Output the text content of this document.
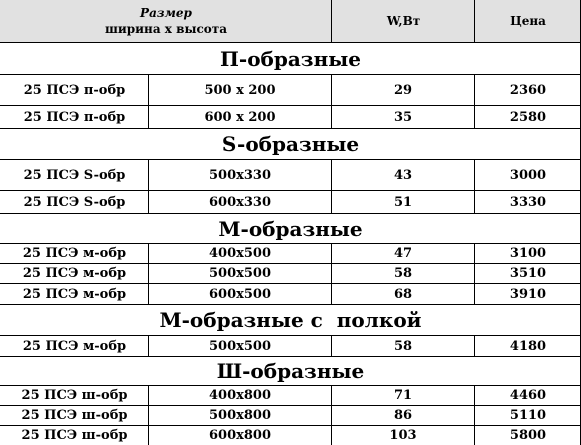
Размер
ширина х высота
W,Вт	Цена
П-образные
25 ПСЭ п-обр	500 х 200	29	2360
25 ПСЭ п-обр	600 х 200	35	2580
S-образные
25 ПСЭ S-обр	500х330	43	3000
25 ПСЭ S-обр	600х330	51	3330
М-образные
25 ПСЭ м-обр	400х500	47	3100
25 ПСЭ м-обр	500х500	58	3510
25 ПСЭ м-обр	600х500	68	3910
М-образные с  полкой
25 ПСЭ м-обр	500х500	58	4180
Ш-образные
25 ПСЭ ш-обр	400х800	71	4460
25 ПСЭ ш-обр	500х800	86	5110
25 ПСЭ ш-обр	600х800	103	5800
